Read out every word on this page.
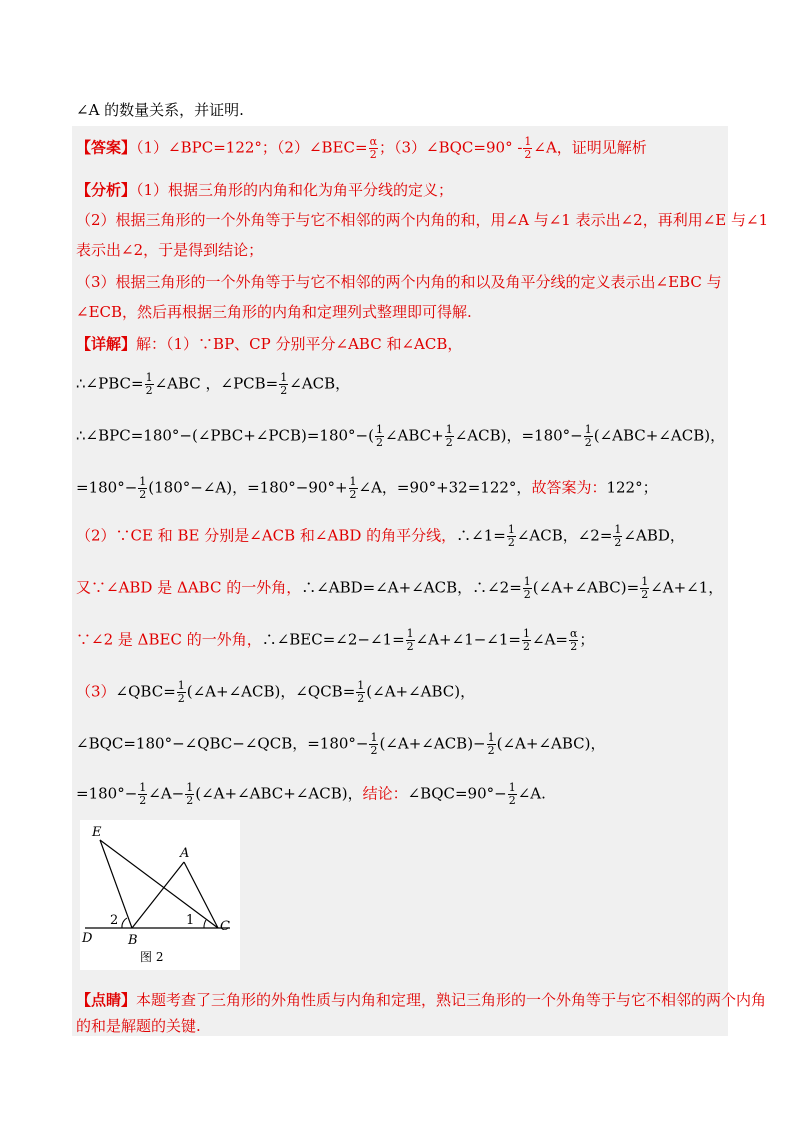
∠A 的数量关系，并证明.
【答案】（1）∠BPC=122°；（2）∠BEC= $\frac{\alpha}{2}$ ；（3）∠BQC=90° - $\frac{1}{2}$ ∠A，证明见解析
【分析】（1）根据三角形的内角和化为角平分线的定义；
（2）根据三角形的一个外角等于与它不相邻的两个内角的和，用∠A 与∠1 表示出∠2，再利用∠E 与∠1
表示出∠2，于是得到结论；
（3）根据三角形的一个外角等于与它不相邻的两个内角的和以及角平分线的定义表示出∠EBC 与
∠ECB，然后再根据三角形的内角和定理列式整理即可得解.
【详解】解：（1）∵BP、CP 分别平分∠ABC 和∠ACB，
∴∠PBC= $\frac{1}{2}$ ∠ABC ，∠PCB= $\frac{1}{2}$ ∠ACB，
∴∠BPC=180°−(∠PBC+∠PCB)=180°−( $\frac{1}{2}$ ∠ABC+ $\frac{1}{2}$ ∠ACB)，$=180^\circ- \frac{1}{2}$ (∠ABC+∠ACB)，
$=180^\circ- \frac{1}{2}$ (180°−∠A)，$=180^\circ-90^\circ+ \frac{1}{2}$ ∠A，=90°+32=122°，故答案为：122°；
（2）∵CE 和 BE 分别是∠ACB 和∠ABD 的角平分线，∴∠1= $\frac{1}{2}$ ∠ACB，∠2= $\frac{1}{2}$ ∠ABD，
又∵∠ABD 是 ΔABC 的一外角，∴∠ABD=∠A+∠ACB，∴∠2= $\frac{1}{2}$ (∠A+∠ABC)= $\frac{1}{2}$ ∠A+∠1，
∵∠2 是 ΔBEC 的一外角，∴∠BEC=∠2−∠1= $\frac{1}{2}$ ∠A+∠1−∠1= $\frac{1}{2}$ ∠A= $\frac{\alpha}{2}$ ；
（3）∠QBC= $\frac{1}{2}$ (∠A+∠ACB)，∠QCB= $\frac{1}{2}$ (∠A+∠ABC)，
∠BQC=180°−∠QBC−∠QCB，$=180^\circ- \frac{1}{2}$ (∠A+∠ACB)− $\frac{1}{2}$ (∠A+∠ABC)，
$=180^\circ- \frac{1}{2}$ ∠A− $\frac{1}{2}$ (∠A+∠ABC+∠ACB)，结论：∠BQC=90°− $\frac{1}{2}$ ∠A.
E
A
D	B
C
1
2
图 2
【点睛】本题考查了三角形的外角性质与内角和定理，熟记三角形的一个外角等于与它不相邻的两个内角
的和是解题的关键.
